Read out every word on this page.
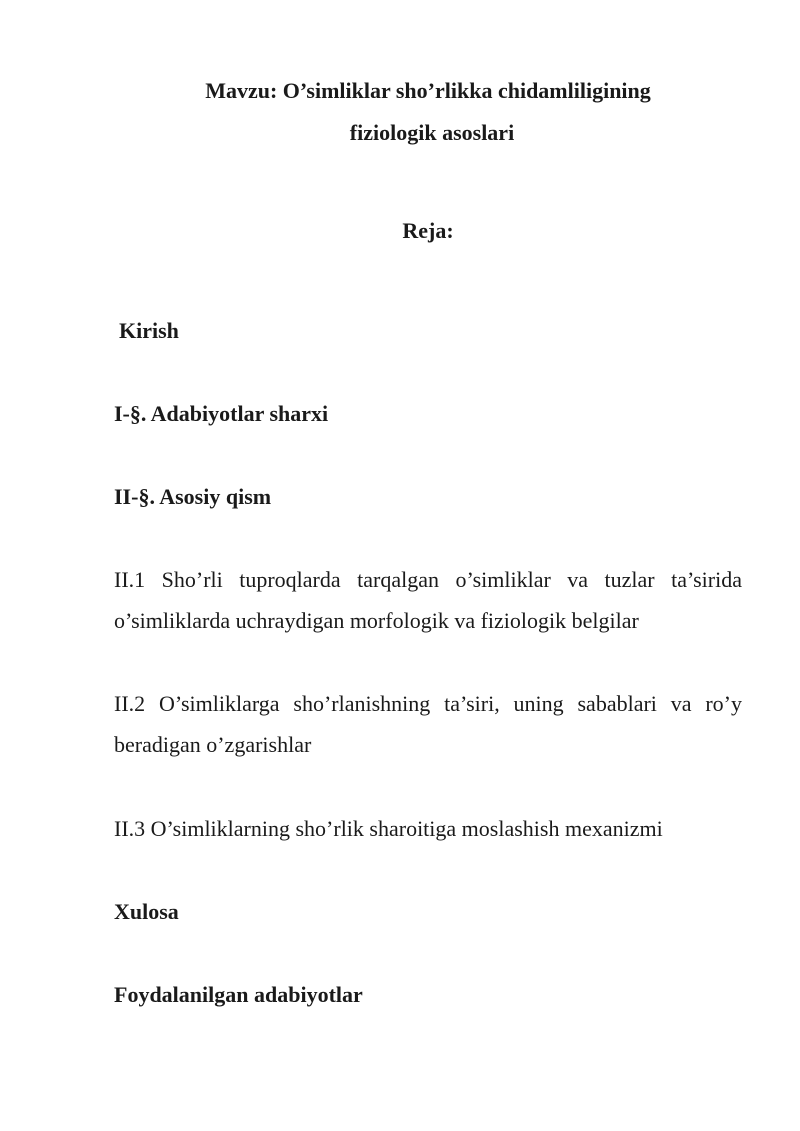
Mavzu: O’simliklar sho’rlikka chidamliligining
fiziologik asoslari
Reja:
Kirish
I-§. Adabiyotlar sharxi
II-§. Asosiy qism
II.1 Sho’rli tuproqlarda tarqalgan o’simliklar va tuzlar ta’sirida o’simliklarda uchraydigan morfologik va fiziologik belgilar
II.2 O’simliklarga sho’rlanishning ta’siri, uning sabablari va ro’y beradigan o’zgarishlar
II.3 O’simliklarning sho’rlik sharoitiga moslashish mexanizmi
Xulosa
Foydalanilgan adabiyotlar
